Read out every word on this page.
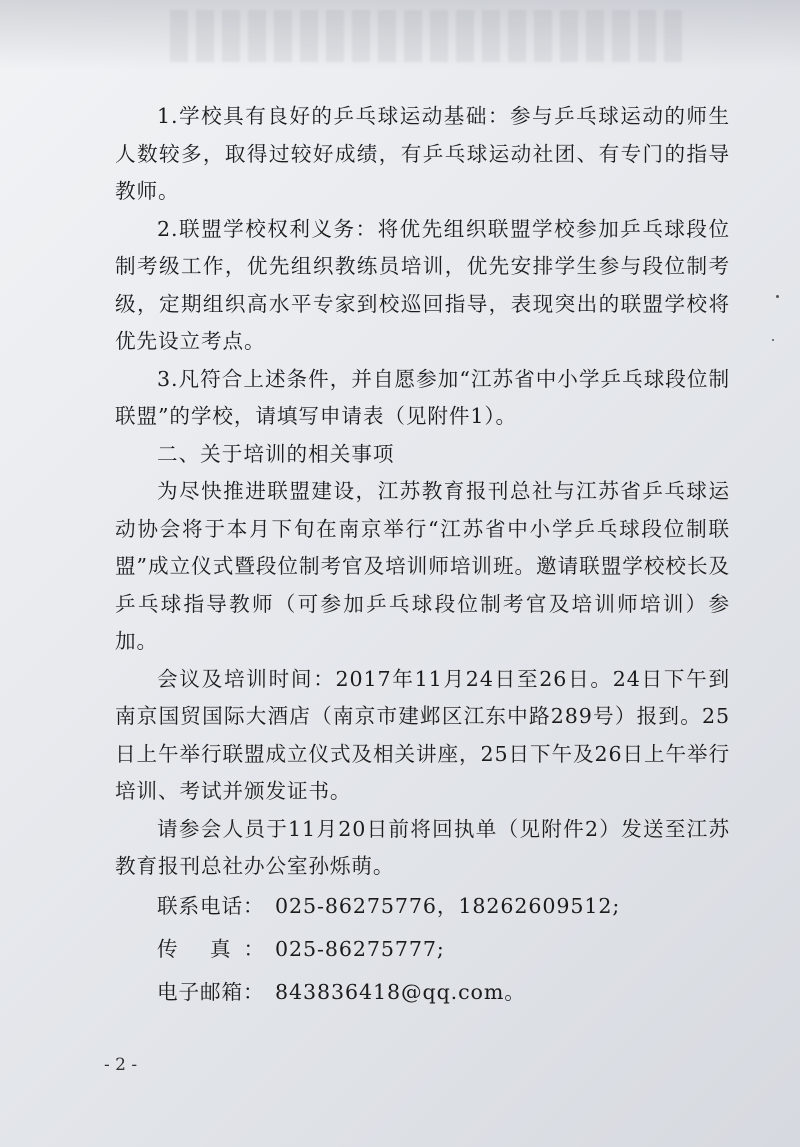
1.学校具有良好的乒乓球运动基础：参与乒乓球运动的师生人数较多，取得过较好成绩，有乒乓球运动社团、有专门的指导教师。

2.联盟学校权利义务：将优先组织联盟学校参加乒乓球段位制考级工作，优先组织教练员培训，优先安排学生参与段位制考级，定期组织高水平专家到校巡回指导，表现突出的联盟学校将优先设立考点。

3.凡符合上述条件，并自愿参加“江苏省中小学乒乓球段位制联盟”的学校，请填写申请表（见附件1）。

二、关于培训的相关事项

为尽快推进联盟建设，江苏教育报刊总社与江苏省乒乓球运动协会将于本月下旬在南京举行“江苏省中小学乒乓球段位制联盟”成立仪式暨段位制考官及培训师培训班。邀请联盟学校校长及乒乓球指导教师（可参加乒乓球段位制考官及培训师培训）参加。

会议及培训时间：2017年11月24日至26日。24日下午到南京国贸国际大酒店（南京市建邺区江东中路289号）报到。25日上午举行联盟成立仪式及相关讲座，25日下午及26日上午举行培训、考试并颁发证书。

请参会人员于11月20日前将回执单（见附件2）发送至江苏教育报刊总社办公室孙烁萌。

联系电话： 025-86275776，18262609512;
传 真： 025-86275777;
电子邮箱： 843836418@qq.com。
- 2 -
